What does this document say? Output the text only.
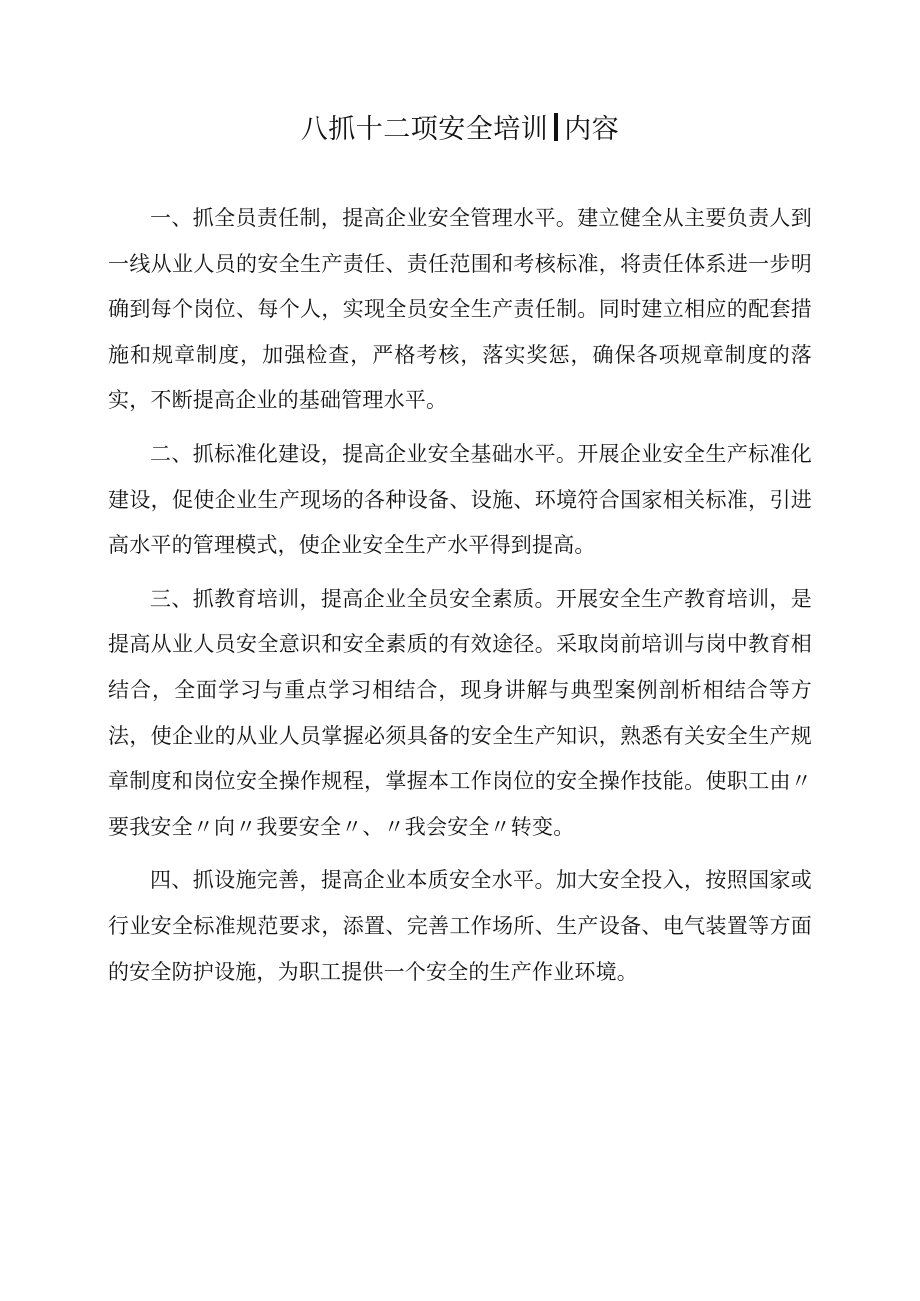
八抓十二项安全培训 内容

一、抓全员责任制，提高企业安全管理水平。建立健全从主要负责人到一线从业人员的安全生产责任、责任范围和考核标准，将责任体系进一步明确到每个岗位、每个人，实现全员安全生产责任制。同时建立相应的配套措施和规章制度，加强检查，严格考核，落实奖惩，确保各项规章制度的落实，不断提高企业的基础管理水平。

二、抓标准化建设，提高企业安全基础水平。开展企业安全生产标准化建设，促使企业生产现场的各种设备、设施、环境符合国家相关标准，引进高水平的管理模式，使企业安全生产水平得到提高。

三、抓教育培训，提高企业全员安全素质。开展安全生产教育培训，是提高从业人员安全意识和安全素质的有效途径。采取岗前培训与岗中教育相结合，全面学习与重点学习相结合，现身讲解与典型案例剖析相结合等方法，使企业的从业人员掌握必须具备的安全生产知识，熟悉有关安全生产规章制度和岗位安全操作规程，掌握本工作岗位的安全操作技能。使职工由〃要我安全〃向〃我要安全〃、〃我会安全〃转变。

四、抓设施完善，提高企业本质安全水平。加大安全投入，按照国家或行业安全标准规范要求，添置、完善工作场所、生产设备、电气装置等方面的安全防护设施，为职工提供一个安全的生产作业环境。
